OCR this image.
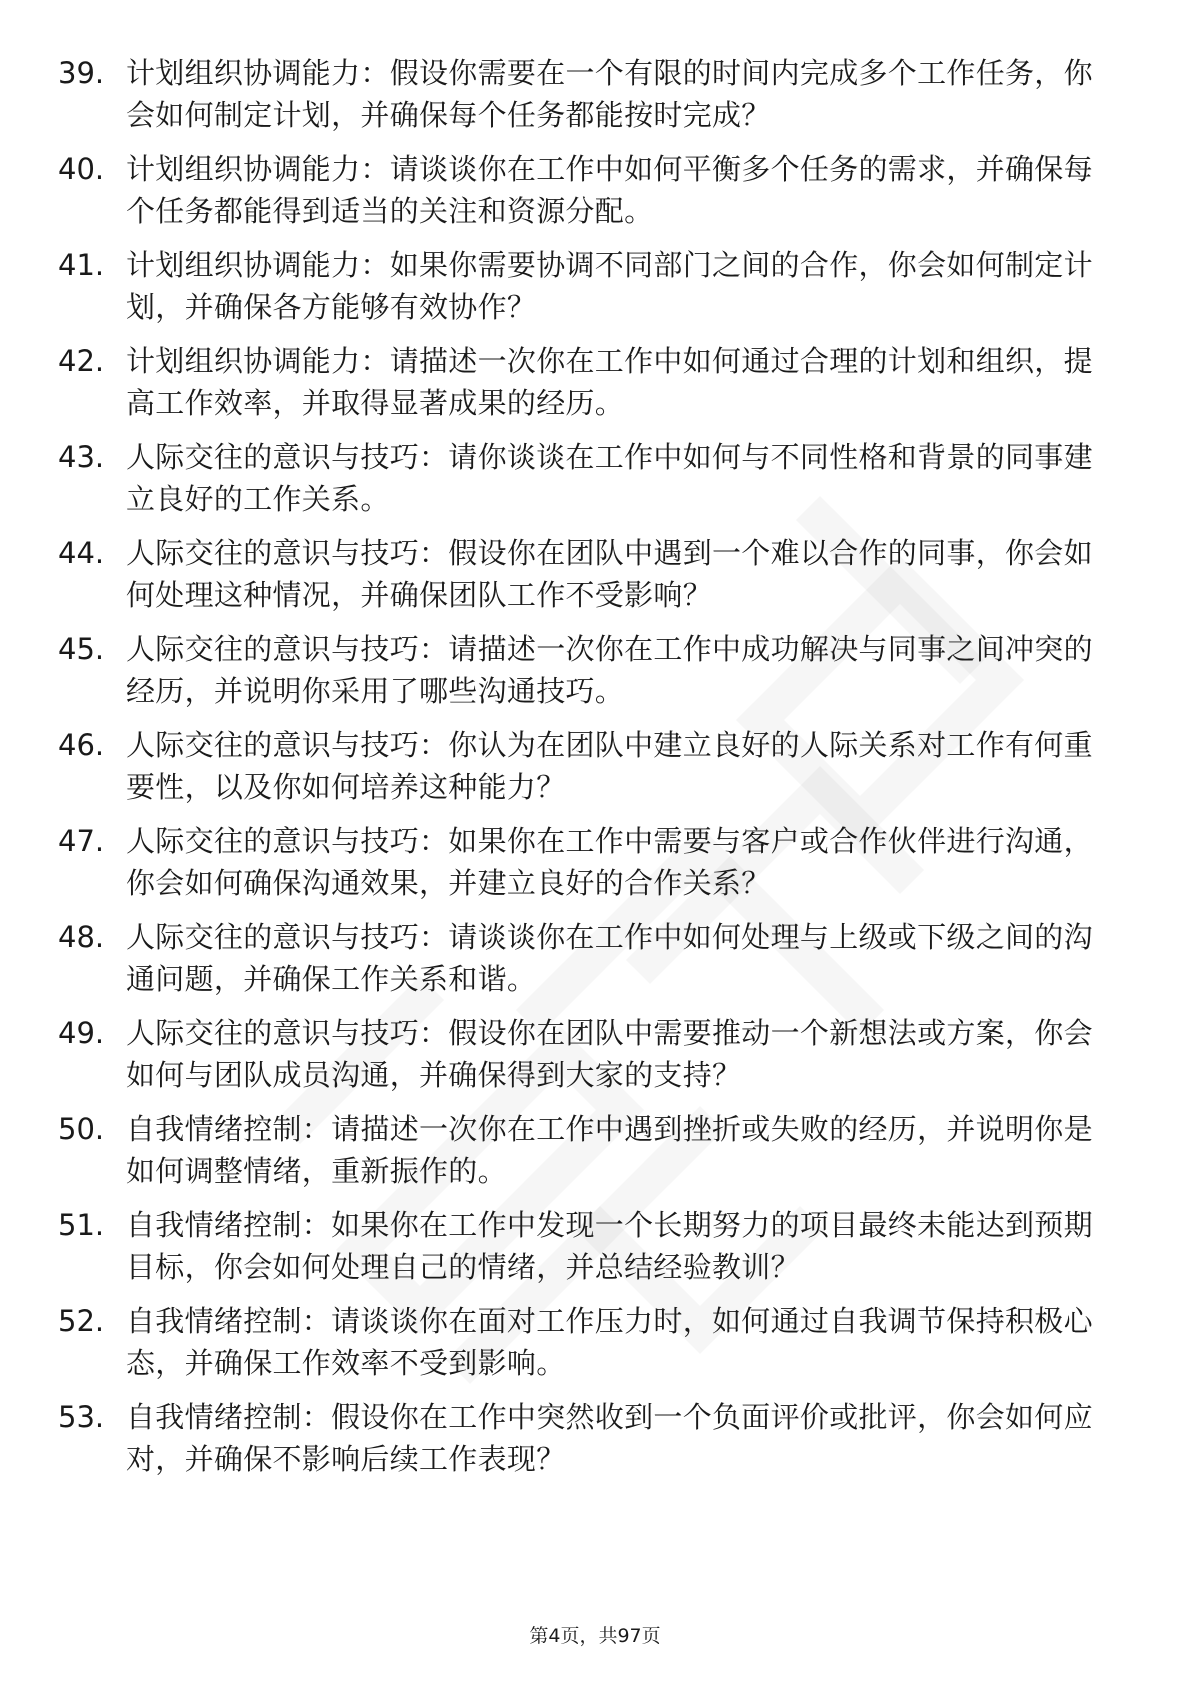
39. 计划组织协调能力：假设你需要在一个有限的时间内完成多个工作任务，你会如何制定计划，并确保每个任务都能按时完成？
40. 计划组织协调能力：请谈谈你在工作中如何平衡多个任务的需求，并确保每个任务都能得到适当的关注和资源分配。
41. 计划组织协调能力：如果你需要协调不同部门之间的合作，你会如何制定计划，并确保各方能够有效协作？
42. 计划组织协调能力：请描述一次你在工作中如何通过合理的计划和组织，提高工作效率，并取得显著成果的经历。
43. 人际交往的意识与技巧：请你谈谈在工作中如何与不同性格和背景的同事建立良好的工作关系。
44. 人际交往的意识与技巧：假设你在团队中遇到一个难以合作的同事，你会如何处理这种情况，并确保团队工作不受影响？
45. 人际交往的意识与技巧：请描述一次你在工作中成功解决与同事之间冲突的经历，并说明你采用了哪些沟通技巧。
46. 人际交往的意识与技巧：你认为在团队中建立良好的人际关系对工作有何重要性，以及你如何培养这种能力？
47. 人际交往的意识与技巧：如果你在工作中需要与客户或合作伙伴进行沟通，你会如何确保沟通效果，并建立良好的合作关系？
48. 人际交往的意识与技巧：请谈谈你在工作中如何处理与上级或下级之间的沟通问题，并确保工作关系和谐。
49. 人际交往的意识与技巧：假设你在团队中需要推动一个新想法或方案，你会如何与团队成员沟通，并确保得到大家的支持？
50. 自我情绪控制：请描述一次你在工作中遇到挫折或失败的经历，并说明你是如何调整情绪，重新振作的。
51. 自我情绪控制：如果你在工作中发现一个长期努力的项目最终未能达到预期目标，你会如何处理自己的情绪，并总结经验教训？
52. 自我情绪控制：请谈谈你在面对工作压力时，如何通过自我调节保持积极心态，并确保工作效率不受到影响。
53. 自我情绪控制：假设你在工作中突然收到一个负面评价或批评，你会如何应对，并确保不影响后续工作表现？
第4页，共97页
